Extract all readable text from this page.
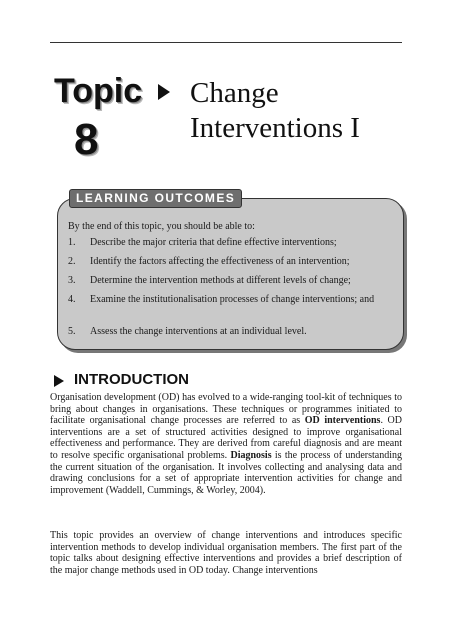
Topic
8
Change
Interventions I
LEARNING OUTCOMES
By the end of this topic, you should be able to:
1. Describe the major criteria that define effective interventions;
2. Identify the factors affecting the effectiveness of an intervention;
3. Determine the intervention methods at different levels of change;
4. Examine the institutionalisation processes of change interventions; and
5. Assess the change interventions at an individual level.
INTRODUCTION

Organisation development (OD) has evolved to a wide-ranging tool-kit of techniques to bring about changes in organisations. These techniques or programmes initiated to facilitate organisational change processes are referred to as OD interventions. OD interventions are a set of structured activities designed to improve organisational effectiveness and performance. They are derived from careful diagnosis and are meant to resolve specific organisational problems. Diagnosis is the process of understanding the current situation of the organisation. It involves collecting and analysing data and drawing conclusions for a set of appropriate intervention activities for change and improvement (Waddell, Cummings, & Worley, 2004).

This topic provides an overview of change interventions and introduces specific intervention methods to develop individual organisation members. The first part of the topic talks about designing effective interventions and provides a brief description of the major change methods used in OD today. Change interventions
